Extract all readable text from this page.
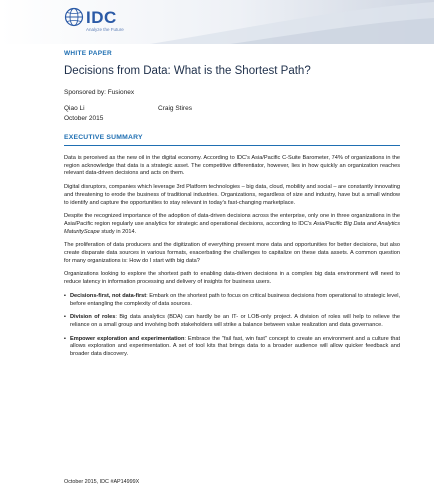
IDC
Analyze the Future

WHITE PAPER

Decisions from Data: What is the Shortest Path?

Sponsored by: Fusionex

Qiao Li	Craig Stires

October 2015

EXECUTIVE SUMMARY

Data is perceived as the new oil in the digital economy. According to IDC's Asia/Pacific C-Suite Barometer, 74% of organizations in the region acknowledge that data is a strategic asset. The competitive differentiator, however, lies in how quickly an organization reaches relevant data-driven decisions and acts on them.

Digital disruptors, companies which leverage 3rd Platform technologies – big data, cloud, mobility and social – are constantly innovating and threatening to erode the business of traditional industries. Organizations, regardless of size and industry, have but a small window to identify and capture the opportunities to stay relevant in today's fast-changing marketplace.

Despite the recognized importance of the adoption of data-driven decisions across the enterprise, only one in three organizations in the Asia/Pacific region regularly use analytics for strategic and operational decisions, according to IDC's Asia/Pacific Big Data and Analytics MaturityScape study in 2014.

The proliferation of data producers and the digitization of everything present more data and opportunities for better decisions, but also create disparate data sources in various formats, exacerbating the challenges to capitalize on these data assets. A common question for many organizations is: How do I start with big data?

Organizations looking to explore the shortest path to enabling data-driven decisions in a complex big data environment will need to reduce latency in information processing and delivery of insights for business users.

▪ Decisions-first, not data-first: Embark on the shortest path to focus on critical business decisions from operational to strategic level, before entangling the complexity of data sources.

▪ Division of roles: Big data analytics (BDA) can hardly be an IT- or LOB-only project. A division of roles will help to relieve the reliance on a small group and involving both stakeholders will strike a balance between value realization and data governance.

▪ Empower exploration and experimentation: Embrace the "fail fast, win fast" concept to create an environment and a culture that allows exploration and experimentation. A set of tool kits that brings data to a broader audience will allow quicker feedback and broader data discovery.

October 2015, IDC #AP14999X
